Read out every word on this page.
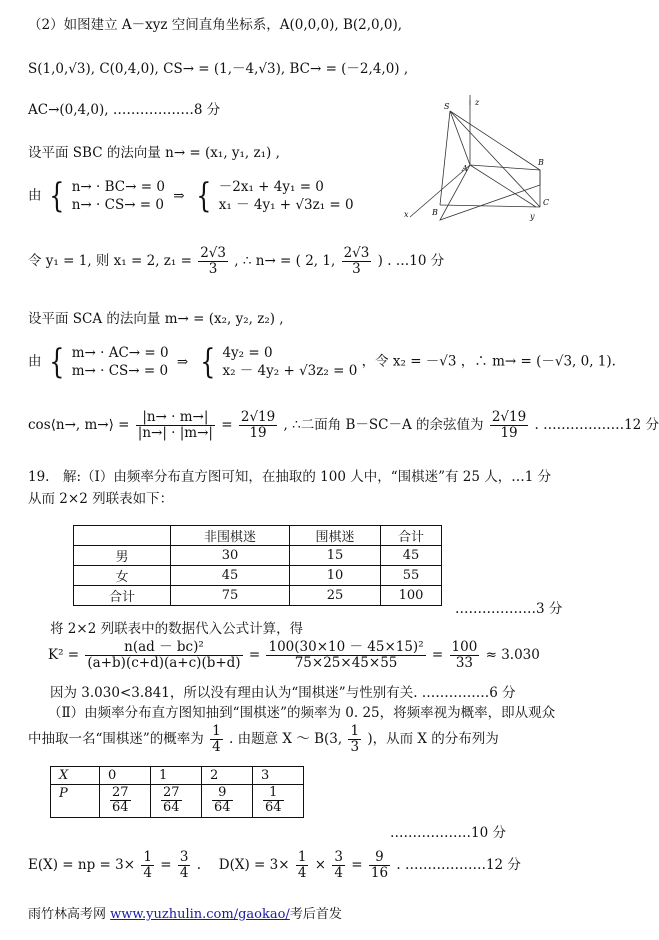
（2）如图建立 A－xyz 空间直角坐标系，A(0,0,0), B(2,0,0),
S(1,0,√3), C(0,4,0), CS→ = (1,－4,√3), BC→ = (－2,4,0) ,
AC→(0,4,0), ………………8 分
设平面 SBC 的法向量 n→ = (x₁, y₁, z₁) ,
由 { n→ · BC→ = 0
n→ · CS→ = 0 ⇒ { －2x₁ + 4y₁ = 0
x₁ － 4y₁ + √3z₁ = 0
令 y₁ = 1, 则 x₁ = 2, $z_1 = \frac{2√3}{3}$ , ∴ n→ = ( 2, 1, $\frac{2√3}{3}$ ) . …10 分
设平面 SCA 的法向量 m→ = (x₂, y₂, z₂) ,
由 { m→ · AC→ = 0
m→ · CS→ = 0 ⇒ { 4y₂ = 0
x₂ － 4y₂ + √3z₂ = 0 ，令 x₂ = －√3 ，∴ m→ = (－√3, 0, 1).
cos⟨n→, m→⟩ = $\frac{|n\to \cdot m\to|}{|n\to| \cdot |m\to|} = \frac{2√19}{19}$ , ∴二面角 B－SC－A 的余弦值为 $\frac{2√19}{19}$ . ………………12 分
S	z
A
B
C
x	y
B
19.　解:（Ⅰ）由频率分布直方图可知，在抽取的 100 人中，“围棋迷”有 25 人，…1 分
从而 2×2 列联表如下：
	非围棋迷	围棋迷	合计
男	30	15	45
女	45	10	55
合计	75	25	100
………………3 分
将 2×2 列联表中的数据代入公式计算，得
$K^2 = \frac{\text{n(ad － bc)²}}{(a+b)(c+d)(a+c)(b+d)} = \frac{\text{100(30×10 － 45×15)²}}{75\times 25\times 45\times 55} = \frac{100}{33} \approx 3.030$
因为 3.030<3.841，所以没有理由认为“围棋迷”与性别有关. ……………6 分
（Ⅱ）由频率分布直方图知抽到“围棋迷”的频率为 0. 25，将频率视为概率，即从观众
中抽取一名“围棋迷”的概率为 $\frac{1}{4}$ . 由题意 X ～ B(3, $\frac{1}{3}$ )，从而 X 的分布列为
X	0	1	2	3
P	$\frac{27}{64}$	$\frac{27}{64}$	$\frac{9}{64}$	$\frac{1}{64}$
………………10 分
E(X) = np = $3\times \frac{1}{4} = \frac{3}{4}$ .　 $D(X) = 3\times \frac{1}{4} \times \frac{3}{4} = \frac{9}{16}$ . ………………12 分
雨竹林高考网 www.yuzhulin.com/gaokao/考后首发
